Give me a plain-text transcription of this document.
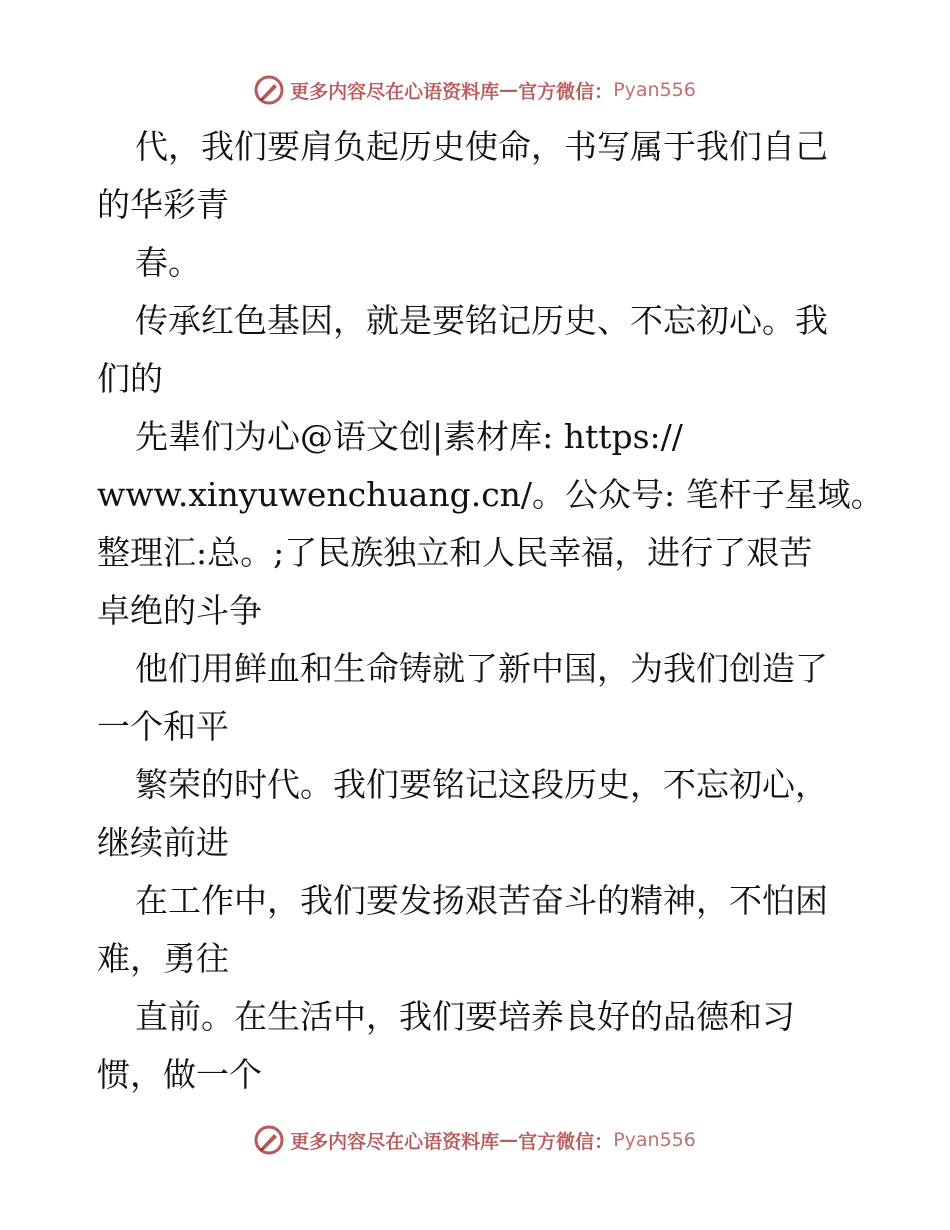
更多内容尽在心语资料库 — 官方微信： Pyan556
代，我们要肩负起历史使命，书写属于我们自己
的华彩青
春。
传承红色基因，就是要铭记历史、不忘初心。我
们的
先辈们为心@语文创|素材库: https://
www.xinyuwenchuang.cn/。公众号: 笔杆子星域。
整理汇:总。;了民族独立和人民幸福，进行了艰苦
卓绝的斗争
他们用鲜血和生命铸就了新中国，为我们创造了
一个和平
繁荣的时代。我们要铭记这段历史，不忘初心，
继续前进
在工作中，我们要发扬艰苦奋斗的精神，不怕困
难，勇往
直前。在生活中，我们要培养良好的品德和习
惯，做一个
更多内容尽在心语资料库 — 官方微信： Pyan556
